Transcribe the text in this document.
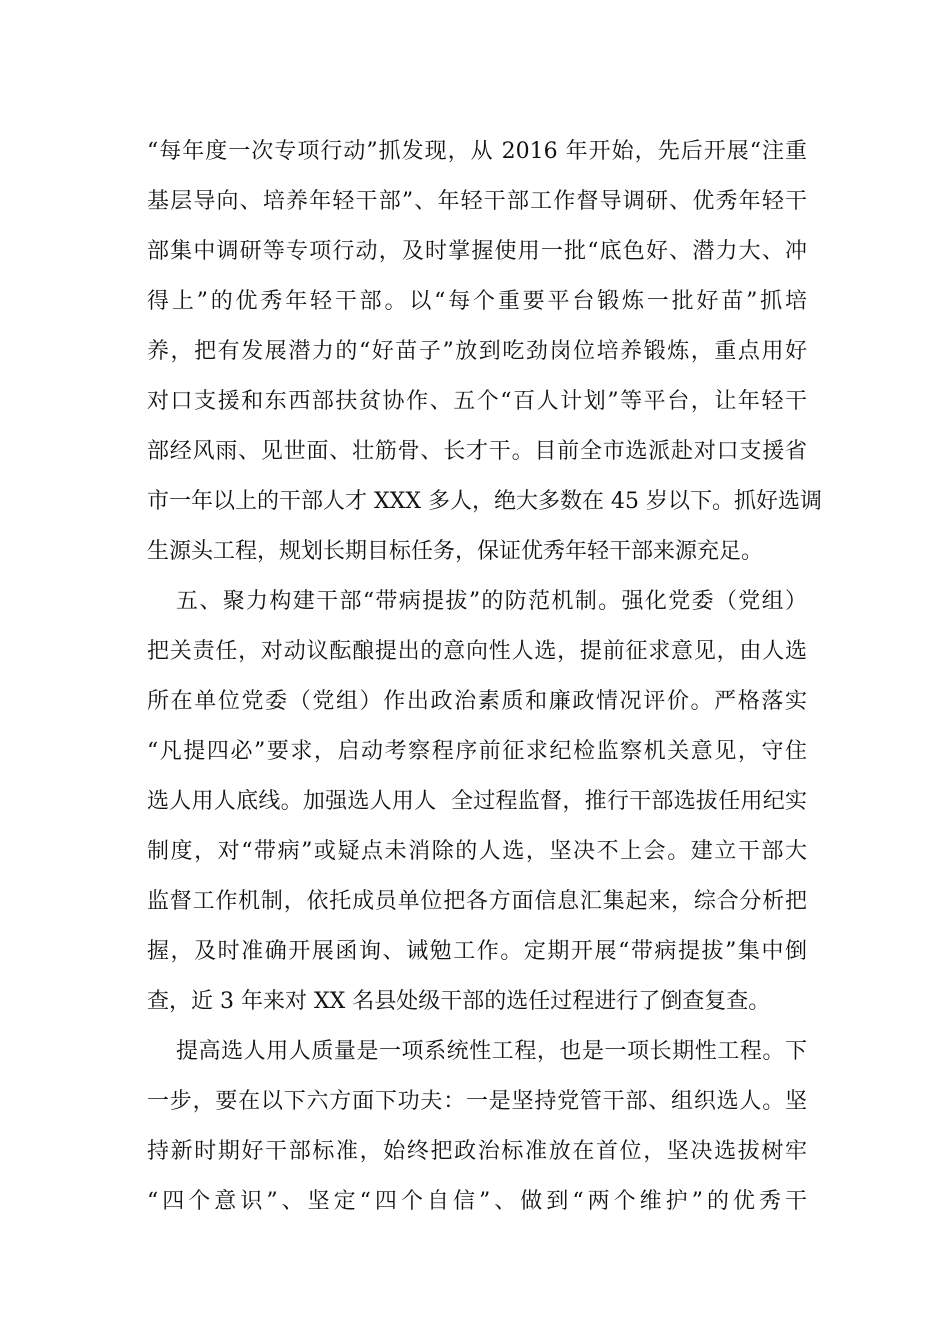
“每年度一次专项行动”抓发现，从 2016 年开始，先后开展“注重
基层导向、培养年轻干部”、年轻干部工作督导调研、优秀年轻干
部集中调研等专项行动，及时掌握使用一批“底色好、潜力大、冲
得上”的优秀年轻干部。以“每个重要平台锻炼一批好苗”抓培
养，把有发展潜力的“好苗子”放到吃劲岗位培养锻炼，重点用好
对口支援和东西部扶贫协作、五个“百人计划”等平台，让年轻干
部经风雨、见世面、壮筋骨、长才干。目前全市选派赴对口支援省
市一年以上的干部人才 XXX 多人，绝大多数在 45 岁以下。抓好选调
生源头工程，规划长期目标任务，保证优秀年轻干部来源充足。
五、聚力构建干部“带病提拔”的防范机制。强化党委（党组）
把关责任，对动议酝酿提出的意向性人选，提前征求意见，由人选
所在单位党委（党组）作出政治素质和廉政情况评价。严格落实
“凡提四必”要求，启动考察程序前征求纪检监察机关意见，守住
选人用人底线。加强选人用人  全过程监督，推行干部选拔任用纪实
制度，对“带病”或疑点未消除的人选，坚决不上会。建立干部大
监督工作机制，依托成员单位把各方面信息汇集起来，综合分析把
握，及时准确开展函询、诫勉工作。定期开展“带病提拔”集中倒
查，近 3 年来对 XX 名县处级干部的选任过程进行了倒查复查。
提高选人用人质量是一项系统性工程，也是一项长期性工程。下
一步，要在以下六方面下功夫：一是坚持党管干部、组织选人。坚
持新时期好干部标准，始终把政治标准放在首位，坚决选拔树牢
“四个意识”、坚定“四个自信”、做到“两个维护”的优秀干
